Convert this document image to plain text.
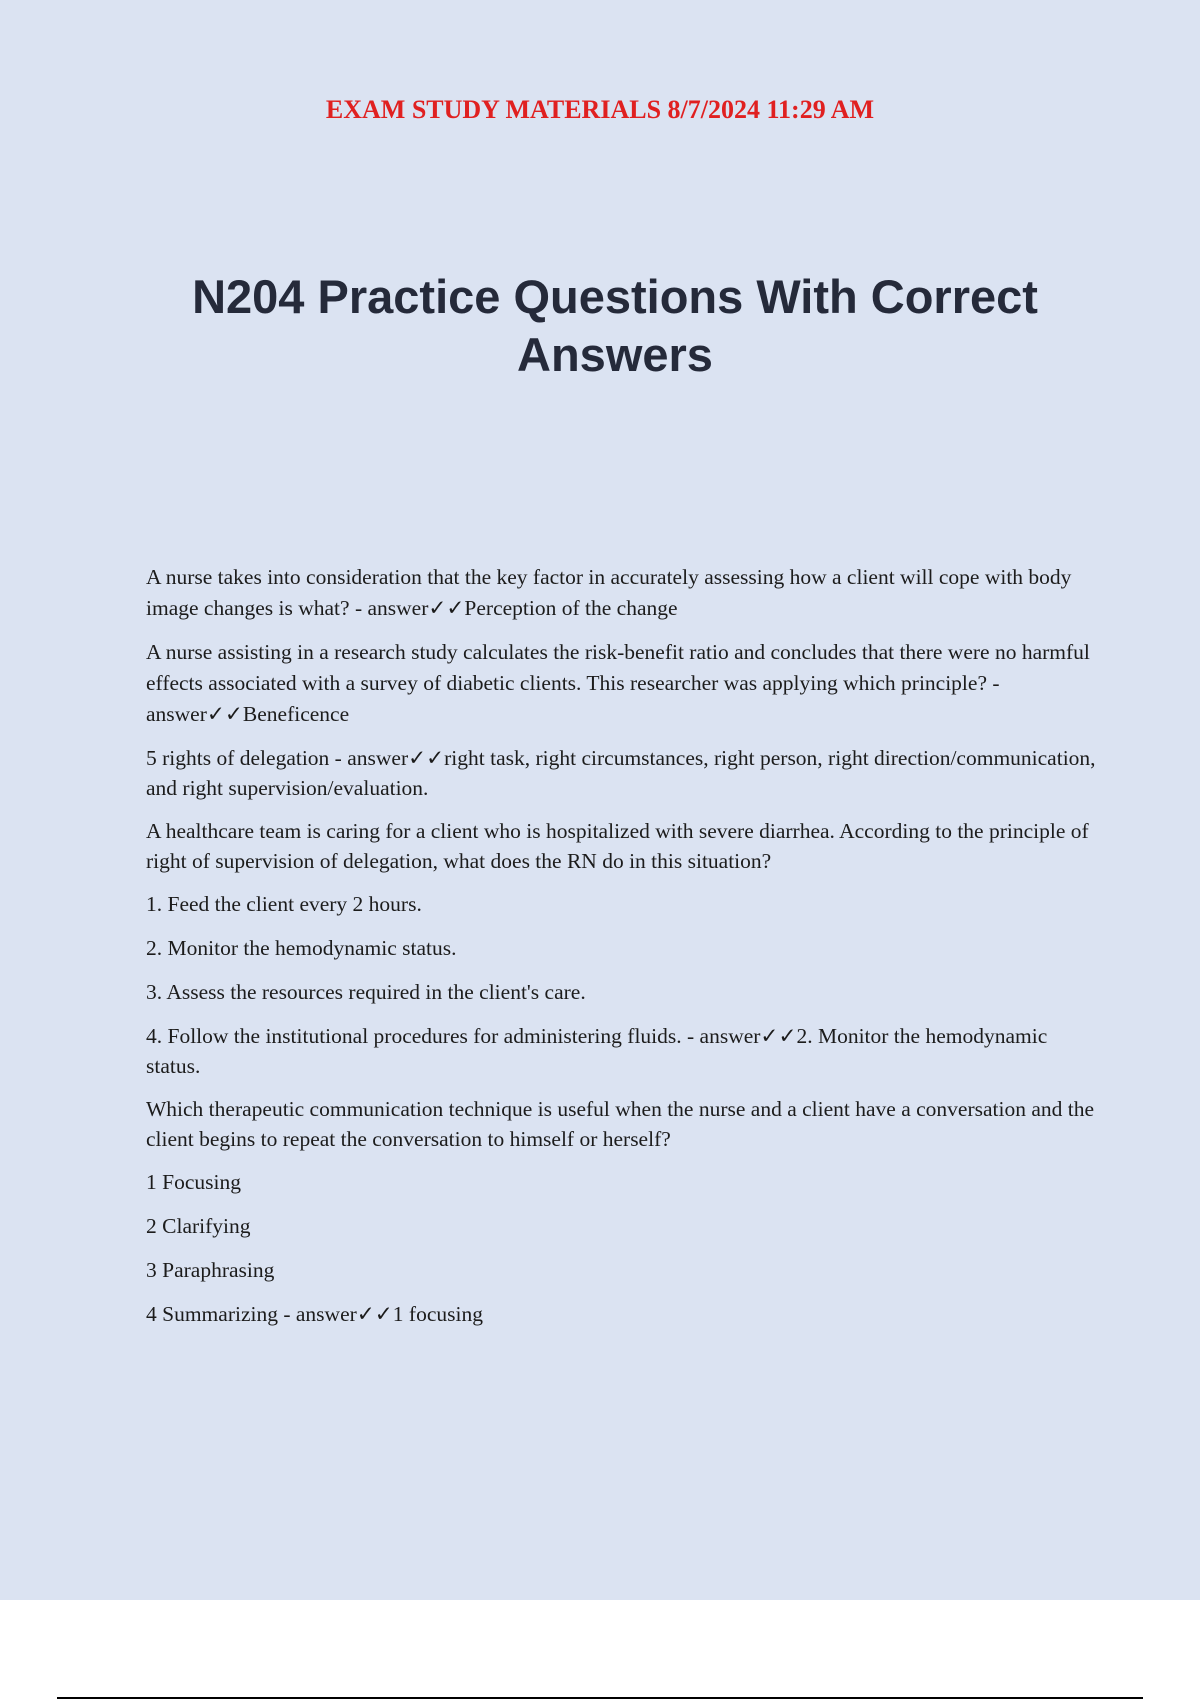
EXAM STUDY MATERIALS 8/7/2024 11:29 AM

N204 Practice Questions With Correct Answers

A nurse takes into consideration that the key factor in accurately assessing how a client will cope with body image changes is what? - answer✓✓Perception of the change

A nurse assisting in a research study calculates the risk-benefit ratio and concludes that there were no harmful effects associated with a survey of diabetic clients. This researcher was applying which principle? - answer✓✓Beneficence

5 rights of delegation - answer✓✓right task, right circumstances, right person, right direction/communication, and right supervision/evaluation.

A healthcare team is caring for a client who is hospitalized with severe diarrhea. According to the principle of right of supervision of delegation, what does the RN do in this situation?

1. Feed the client every 2 hours.

2. Monitor the hemodynamic status.

3. Assess the resources required in the client's care.

4. Follow the institutional procedures for administering fluids. - answer✓✓2. Monitor the hemodynamic status.

Which therapeutic communication technique is useful when the nurse and a client have a conversation and the client begins to repeat the conversation to himself or herself?

1 Focusing

2 Clarifying

3 Paraphrasing

4 Summarizing - answer✓✓1 focusing
